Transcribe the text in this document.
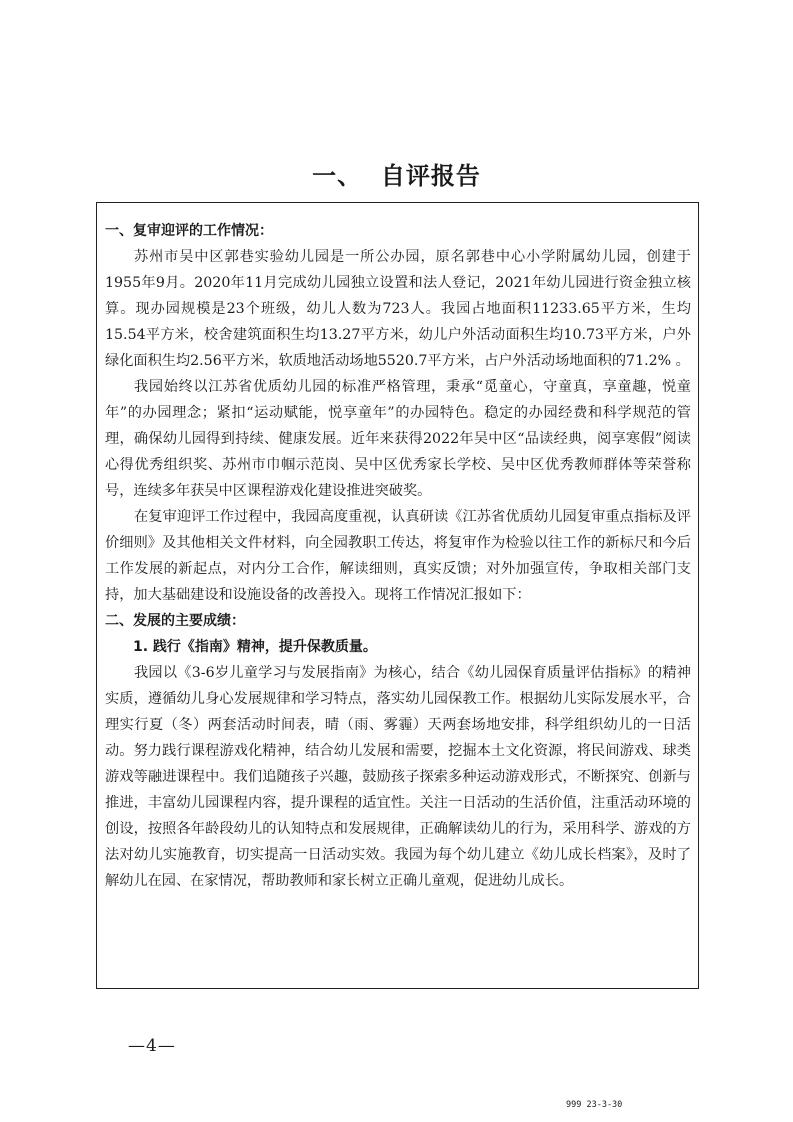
一、  自评报告

一、复审迎评的工作情况：

苏州市吴中区郭巷实验幼儿园是一所公办园，原名郭巷中心小学附属幼儿园，创建于1955年9月。2020年11月完成幼儿园独立设置和法人登记，2021年幼儿园进行资金独立核算。现办园规模是23个班级，幼儿人数为723人。我园占地面积11233.65平方米，生均15.54平方米，校舍建筑面积生均13.27平方米，幼儿户外活动面积生均10.73平方米，户外绿化面积生均2.56平方米，软质地活动场地5520.7平方米，占户外活动场地面积的71.2% 。

我园始终以江苏省优质幼儿园的标准严格管理，秉承“觅童心，守童真，享童趣，悦童年”的办园理念；紧扣“运动赋能，悦享童年”的办园特色。稳定的办园经费和科学规范的管理，确保幼儿园得到持续、健康发展。近年来获得2022年吴中区“品读经典，阅享寒假”阅读心得优秀组织奖、苏州市巾帼示范岗、吴中区优秀家长学校、吴中区优秀教师群体等荣誉称号，连续多年获吴中区课程游戏化建设推进突破奖。

在复审迎评工作过程中，我园高度重视，认真研读《江苏省优质幼儿园复审重点指标及评价细则》及其他相关文件材料，向全园教职工传达，将复审作为检验以往工作的新标尺和今后工作发展的新起点，对内分工合作，解读细则，真实反馈；对外加强宣传，争取相关部门支持，加大基础建设和设施设备的改善投入。现将工作情况汇报如下：

二、发展的主要成绩：

1. 践行《指南》精神，提升保教质量。

我园以《3-6岁儿童学习与发展指南》为核心，结合《幼儿园保育质量评估指标》的精神实质，遵循幼儿身心发展规律和学习特点，落实幼儿园保教工作。根据幼儿实际发展水平，合理实行夏（冬）两套活动时间表，晴（雨、雾霾）天两套场地安排，科学组织幼儿的一日活动。努力践行课程游戏化精神，结合幼儿发展和需要，挖掘本土文化资源，将民间游戏、球类游戏等融进课程中。我们追随孩子兴趣，鼓励孩子探索多种运动游戏形式，不断探究、创新与推进，丰富幼儿园课程内容，提升课程的适宜性。关注一日活动的生活价值，注重活动环境的创设，按照各年龄段幼儿的认知特点和发展规律，正确解读幼儿的行为，采用科学、游戏的方法对幼儿实施教育，切实提高一日活动实效。我园为每个幼儿建立《幼儿成长档案》，及时了解幼儿在园、在家情况，帮助教师和家长树立正确儿童观，促进幼儿成长。

—4—
999 23-3-30
